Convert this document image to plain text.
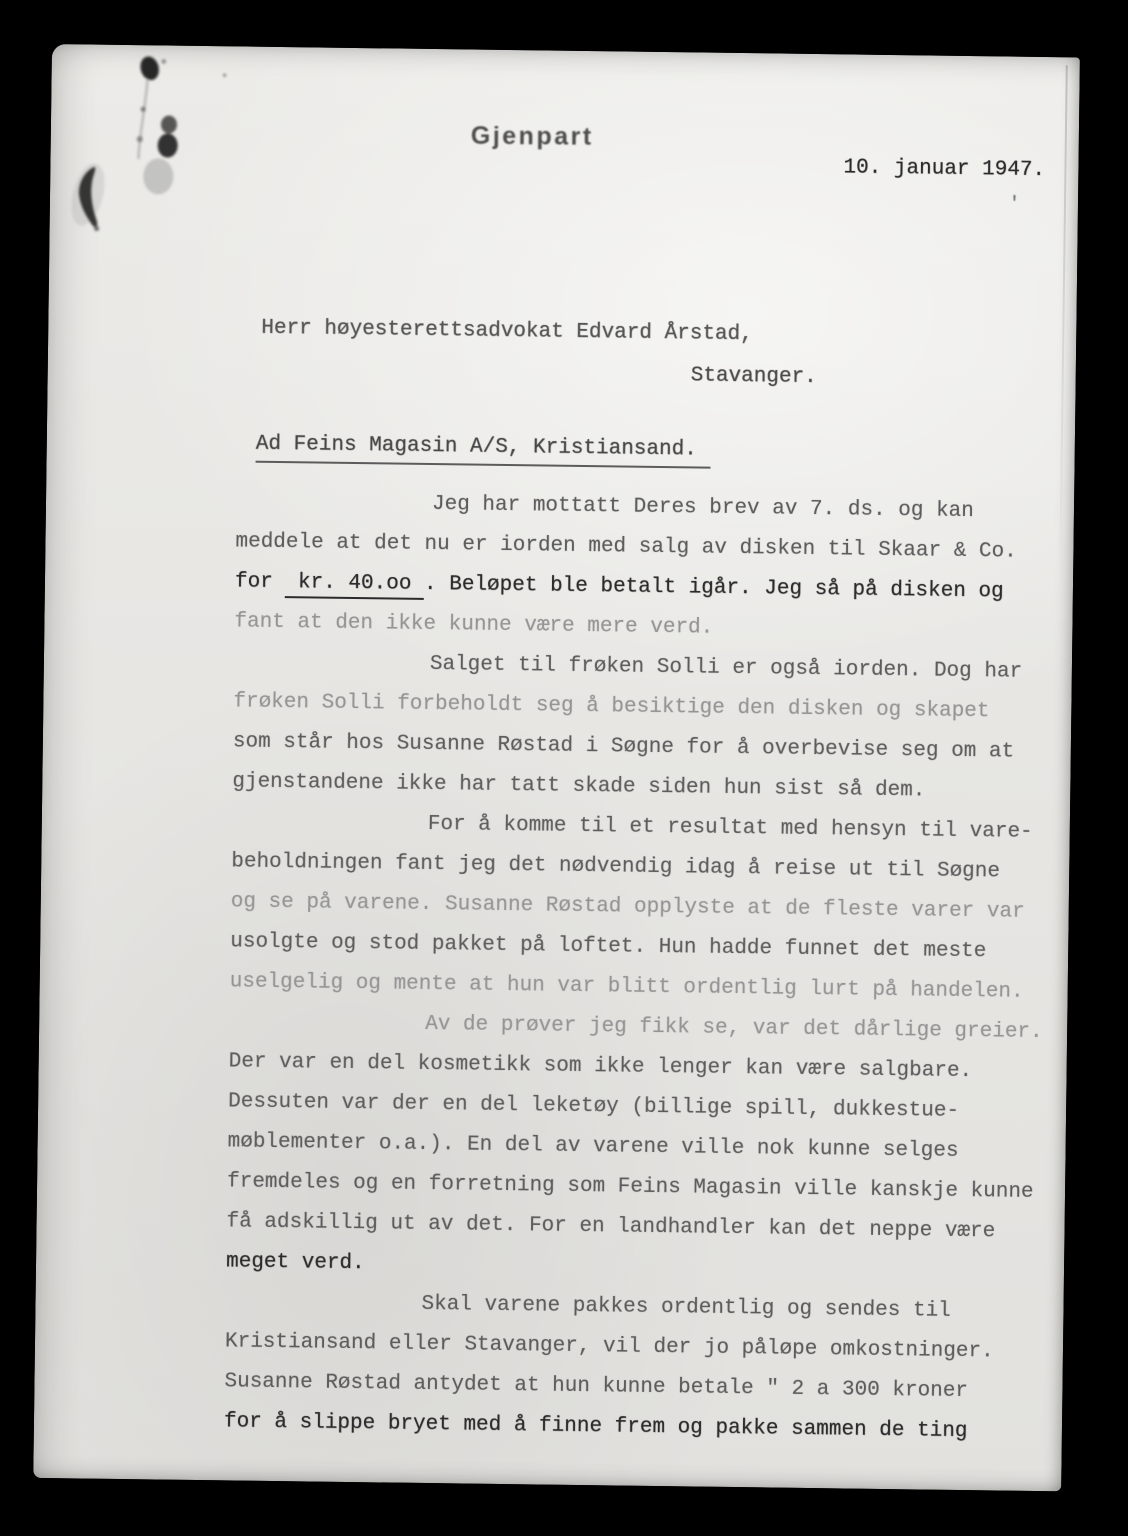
Gjenpart
10. januar 1947.
'
Herr høyesterettsadvokat Edvard Årstad,
Stavanger.
Ad Feins Magasin A/S, Kristiansand.
Jeg har mottatt Deres brev av 7. ds. og kan
meddele at det nu er iorden med salg av disken til Skaar & Co.
for  kr. 40.oo . Beløpet ble betalt igår. Jeg så på disken og
fant at den ikke kunne være mere verd.
Salget til frøken Solli er også iorden. Dog har
frøken Solli forbeholdt seg å besiktige den disken og skapet
som står hos Susanne Røstad i Søgne for å overbevise seg om at
gjenstandene ikke har tatt skade siden hun sist så dem.
For å komme til et resultat med hensyn til vare-
beholdningen fant jeg det nødvendig idag å reise ut til Søgne
og se på varene. Susanne Røstad opplyste at de fleste varer var
usolgte og stod pakket på loftet. Hun hadde funnet det meste
uselgelig og mente at hun var blitt ordentlig lurt på handelen.
Av de prøver jeg fikk se, var det dårlige greier.
Der var en del kosmetikk som ikke lenger kan være salgbare.
Dessuten var der en del leketøy (billige spill, dukkestue-
møblementer o.a.). En del av varene ville nok kunne selges
fremdeles og en forretning som Feins Magasin ville kanskje kunne
få adskillig ut av det. For en landhandler kan det neppe være
meget verd.
Skal varene pakkes ordentlig og sendes til
Kristiansand eller Stavanger, vil der jo påløpe omkostninger.
Susanne Røstad antydet at hun kunne betale " 2 a 300 kroner
for å slippe bryet med å finne frem og pakke sammen de ting
